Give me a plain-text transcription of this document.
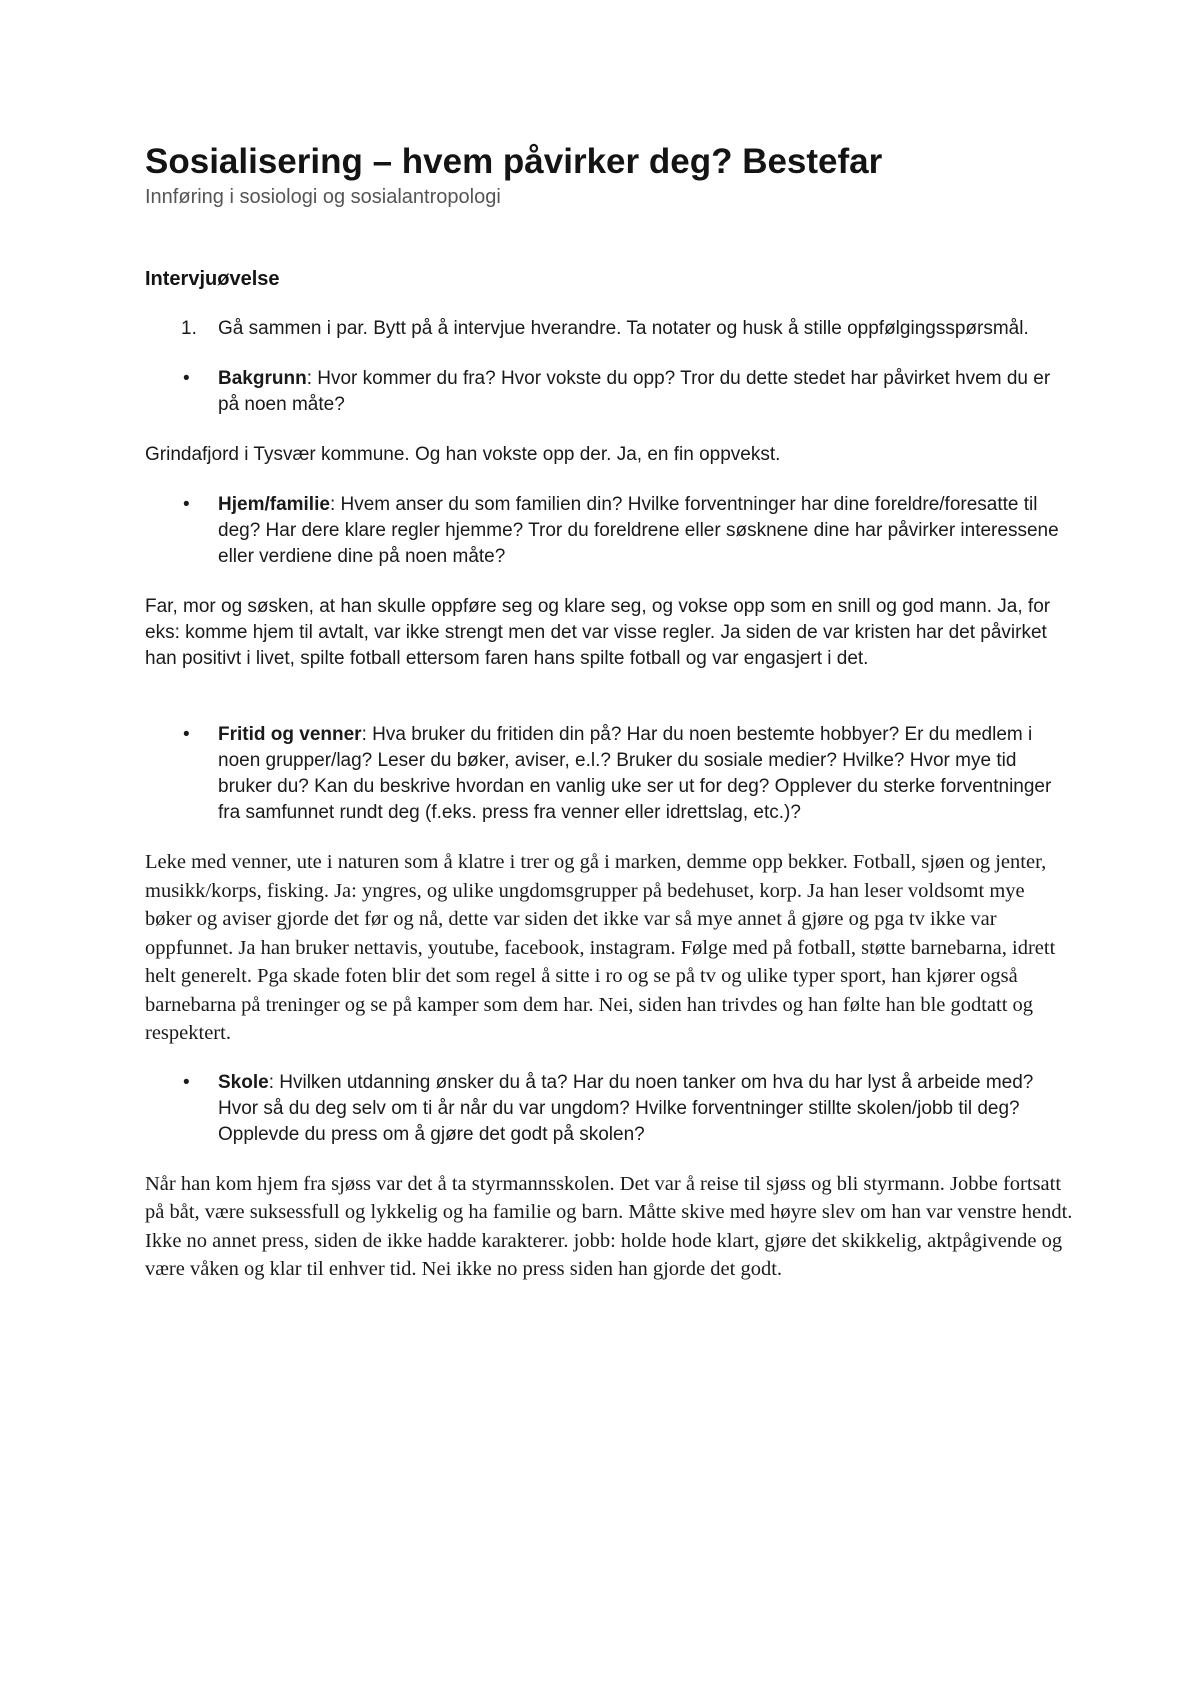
Sosialisering – hvem påvirker deg? Bestefar

Innføring i sosiologi og sosialantropologi

Intervjuøvelse
1. Gå sammen i par. Bytt på å intervjue hverandre. Ta notater og husk å stille oppfølgingsspørsmål.
• Bakgrunn: Hvor kommer du fra? Hvor vokste du opp? Tror du dette stedet har påvirket hvem du er på noen måte?

Grindafjord i Tysvær kommune. Og han vokste opp der. Ja, en fin oppvekst.

• Hjem/familie: Hvem anser du som familien din? Hvilke forventninger har dine foreldre/foresatte til deg? Har dere klare regler hjemme? Tror du foreldrene eller søsknene dine har påvirker interessene eller verdiene dine på noen måte?

Far, mor og søsken, at han skulle oppføre seg og klare seg, og vokse opp som en snill og god mann. Ja, for eks: komme hjem til avtalt, var ikke strengt men det var visse regler. Ja siden de var kristen har det påvirket han positivt i livet, spilte fotball ettersom faren hans spilte fotball og var engasjert i det.

• Fritid og venner: Hva bruker du fritiden din på? Har du noen bestemte hobbyer? Er du medlem i noen grupper/lag? Leser du bøker, aviser, e.l.? Bruker du sosiale medier? Hvilke? Hvor mye tid bruker du? Kan du beskrive hvordan en vanlig uke ser ut for deg? Opplever du sterke forventninger fra samfunnet rundt deg (f.eks. press fra venner eller idrettslag, etc.)?

Leke med venner, ute i naturen som å klatre i trer og gå i marken, demme opp bekker. Fotball, sjøen og jenter, musikk/korps, fisking. Ja: yngres, og ulike ungdomsgrupper på bedehuset, korp. Ja han leser voldsomt mye bøker og aviser gjorde det før og nå, dette var siden det ikke var så mye annet å gjøre og pga tv ikke var oppfunnet. Ja han bruker nettavis, youtube, facebook, instagram. Følge med på fotball, støtte barnebarna, idrett helt generelt. Pga skade foten blir det som regel å sitte i ro og se på tv og ulike typer sport, han kjører også barnebarna på treninger og se på kamper som dem har. Nei, siden han trivdes og han følte han ble godtatt og respektert.

• Skole: Hvilken utdanning ønsker du å ta? Har du noen tanker om hva du har lyst å arbeide med? Hvor så du deg selv om ti år når du var ungdom? Hvilke forventninger stillte skolen/jobb til deg? Opplevde du press om å gjøre det godt på skolen?

Når han kom hjem fra sjøss var det å ta styrmannsskolen. Det var å reise til sjøss og bli styrmann. Jobbe fortsatt på båt, være suksessfull og lykkelig og ha familie og barn. Måtte skive med høyre slev om han var venstre hendt. Ikke no annet press, siden de ikke hadde karakterer. jobb: holde hode klart, gjøre det skikkelig, aktpågivende og være våken og klar til enhver tid. Nei ikke no press siden han gjorde det godt.
